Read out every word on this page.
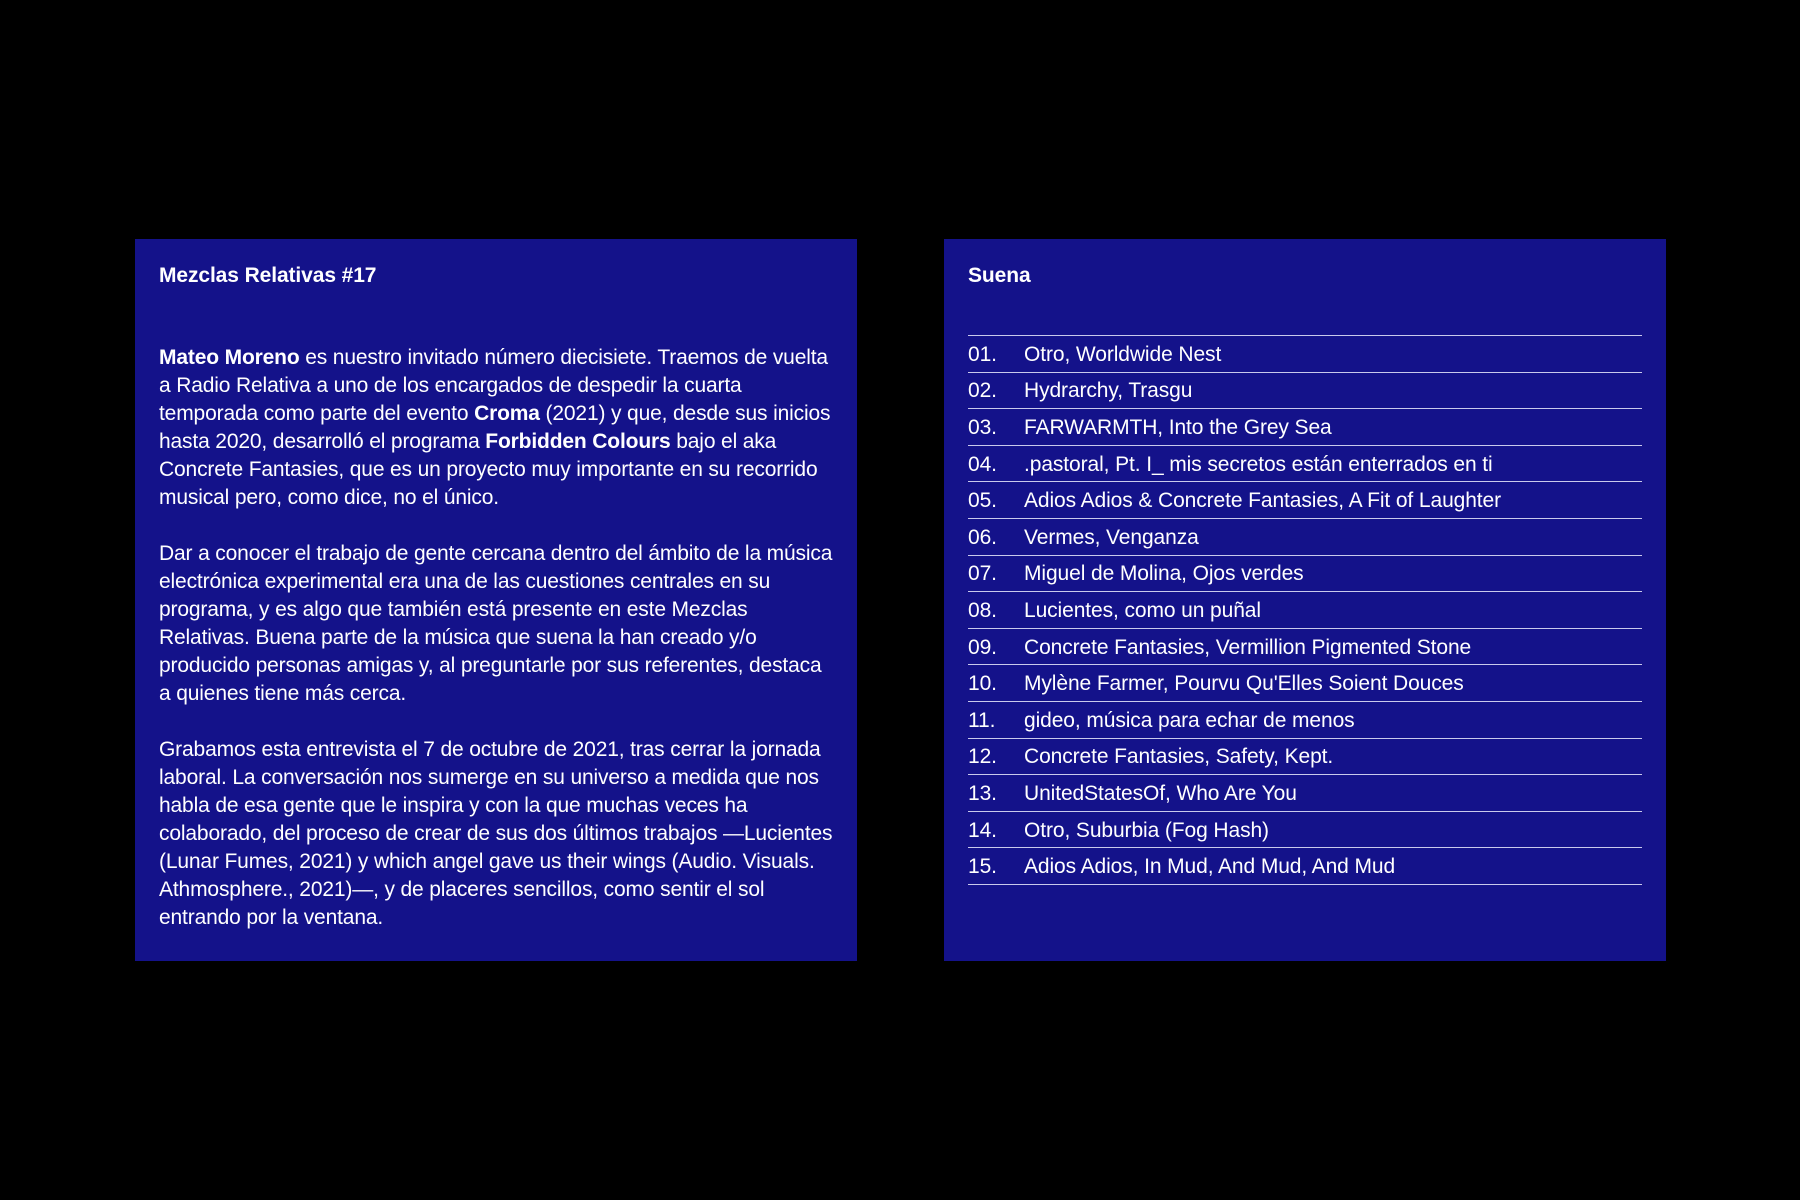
Mezclas Relativas #17

Mateo Moreno es nuestro invitado número diecisiete. Traemos de vuelta a Radio Relativa a uno de los encargados de despedir la cuarta temporada como parte del evento Croma (2021) y que, desde sus inicios hasta 2020, desarrolló el programa Forbidden Colours bajo el aka Concrete Fantasies, que es un proyecto muy importante en su recorrido musical pero, como dice, no el único.

Dar a conocer el trabajo de gente cercana dentro del ámbito de la música electrónica experimental era una de las cuestiones centrales en su programa, y es algo que también está presente en este Mezclas Relativas. Buena parte de la música que suena la han creado y/o producido personas amigas y, al preguntarle por sus referentes, destaca a quienes tiene más cerca.

Grabamos esta entrevista el 7 de octubre de 2021, tras cerrar la jornada laboral. La conversación nos sumerge en su universo a medida que nos habla de esa gente que le inspira y con la que muchas veces ha colaborado, del proceso de crear de sus dos últimos trabajos —Lucientes (Lunar Fumes, 2021) y which angel gave us their wings (Audio. Visuals. Athmosphere., 2021)—, y de placeres sencillos, como sentir el sol entrando por la ventana.

Suena
01.	Otro, Worldwide Nest
02.	Hydrarchy, Trasgu
03.	FARWARMTH, Into the Grey Sea
04.	.pastoral, Pt. I_ mis secretos están enterrados en ti
05.	Adios Adios & Concrete Fantasies, A Fit of Laughter
06.	Vermes, Venganza
07.	Miguel de Molina, Ojos verdes
08.	Lucientes, como un puñal
09.	Concrete Fantasies, Vermillion Pigmented Stone
10.	Mylène Farmer, Pourvu Qu'Elles Soient Douces
11.	gideo, música para echar de menos
12.	Concrete Fantasies, Safety, Kept.
13.	UnitedStatesOf, Who Are You
14.	Otro, Suburbia (Fog Hash)
15.	Adios Adios, In Mud, And Mud, And Mud
